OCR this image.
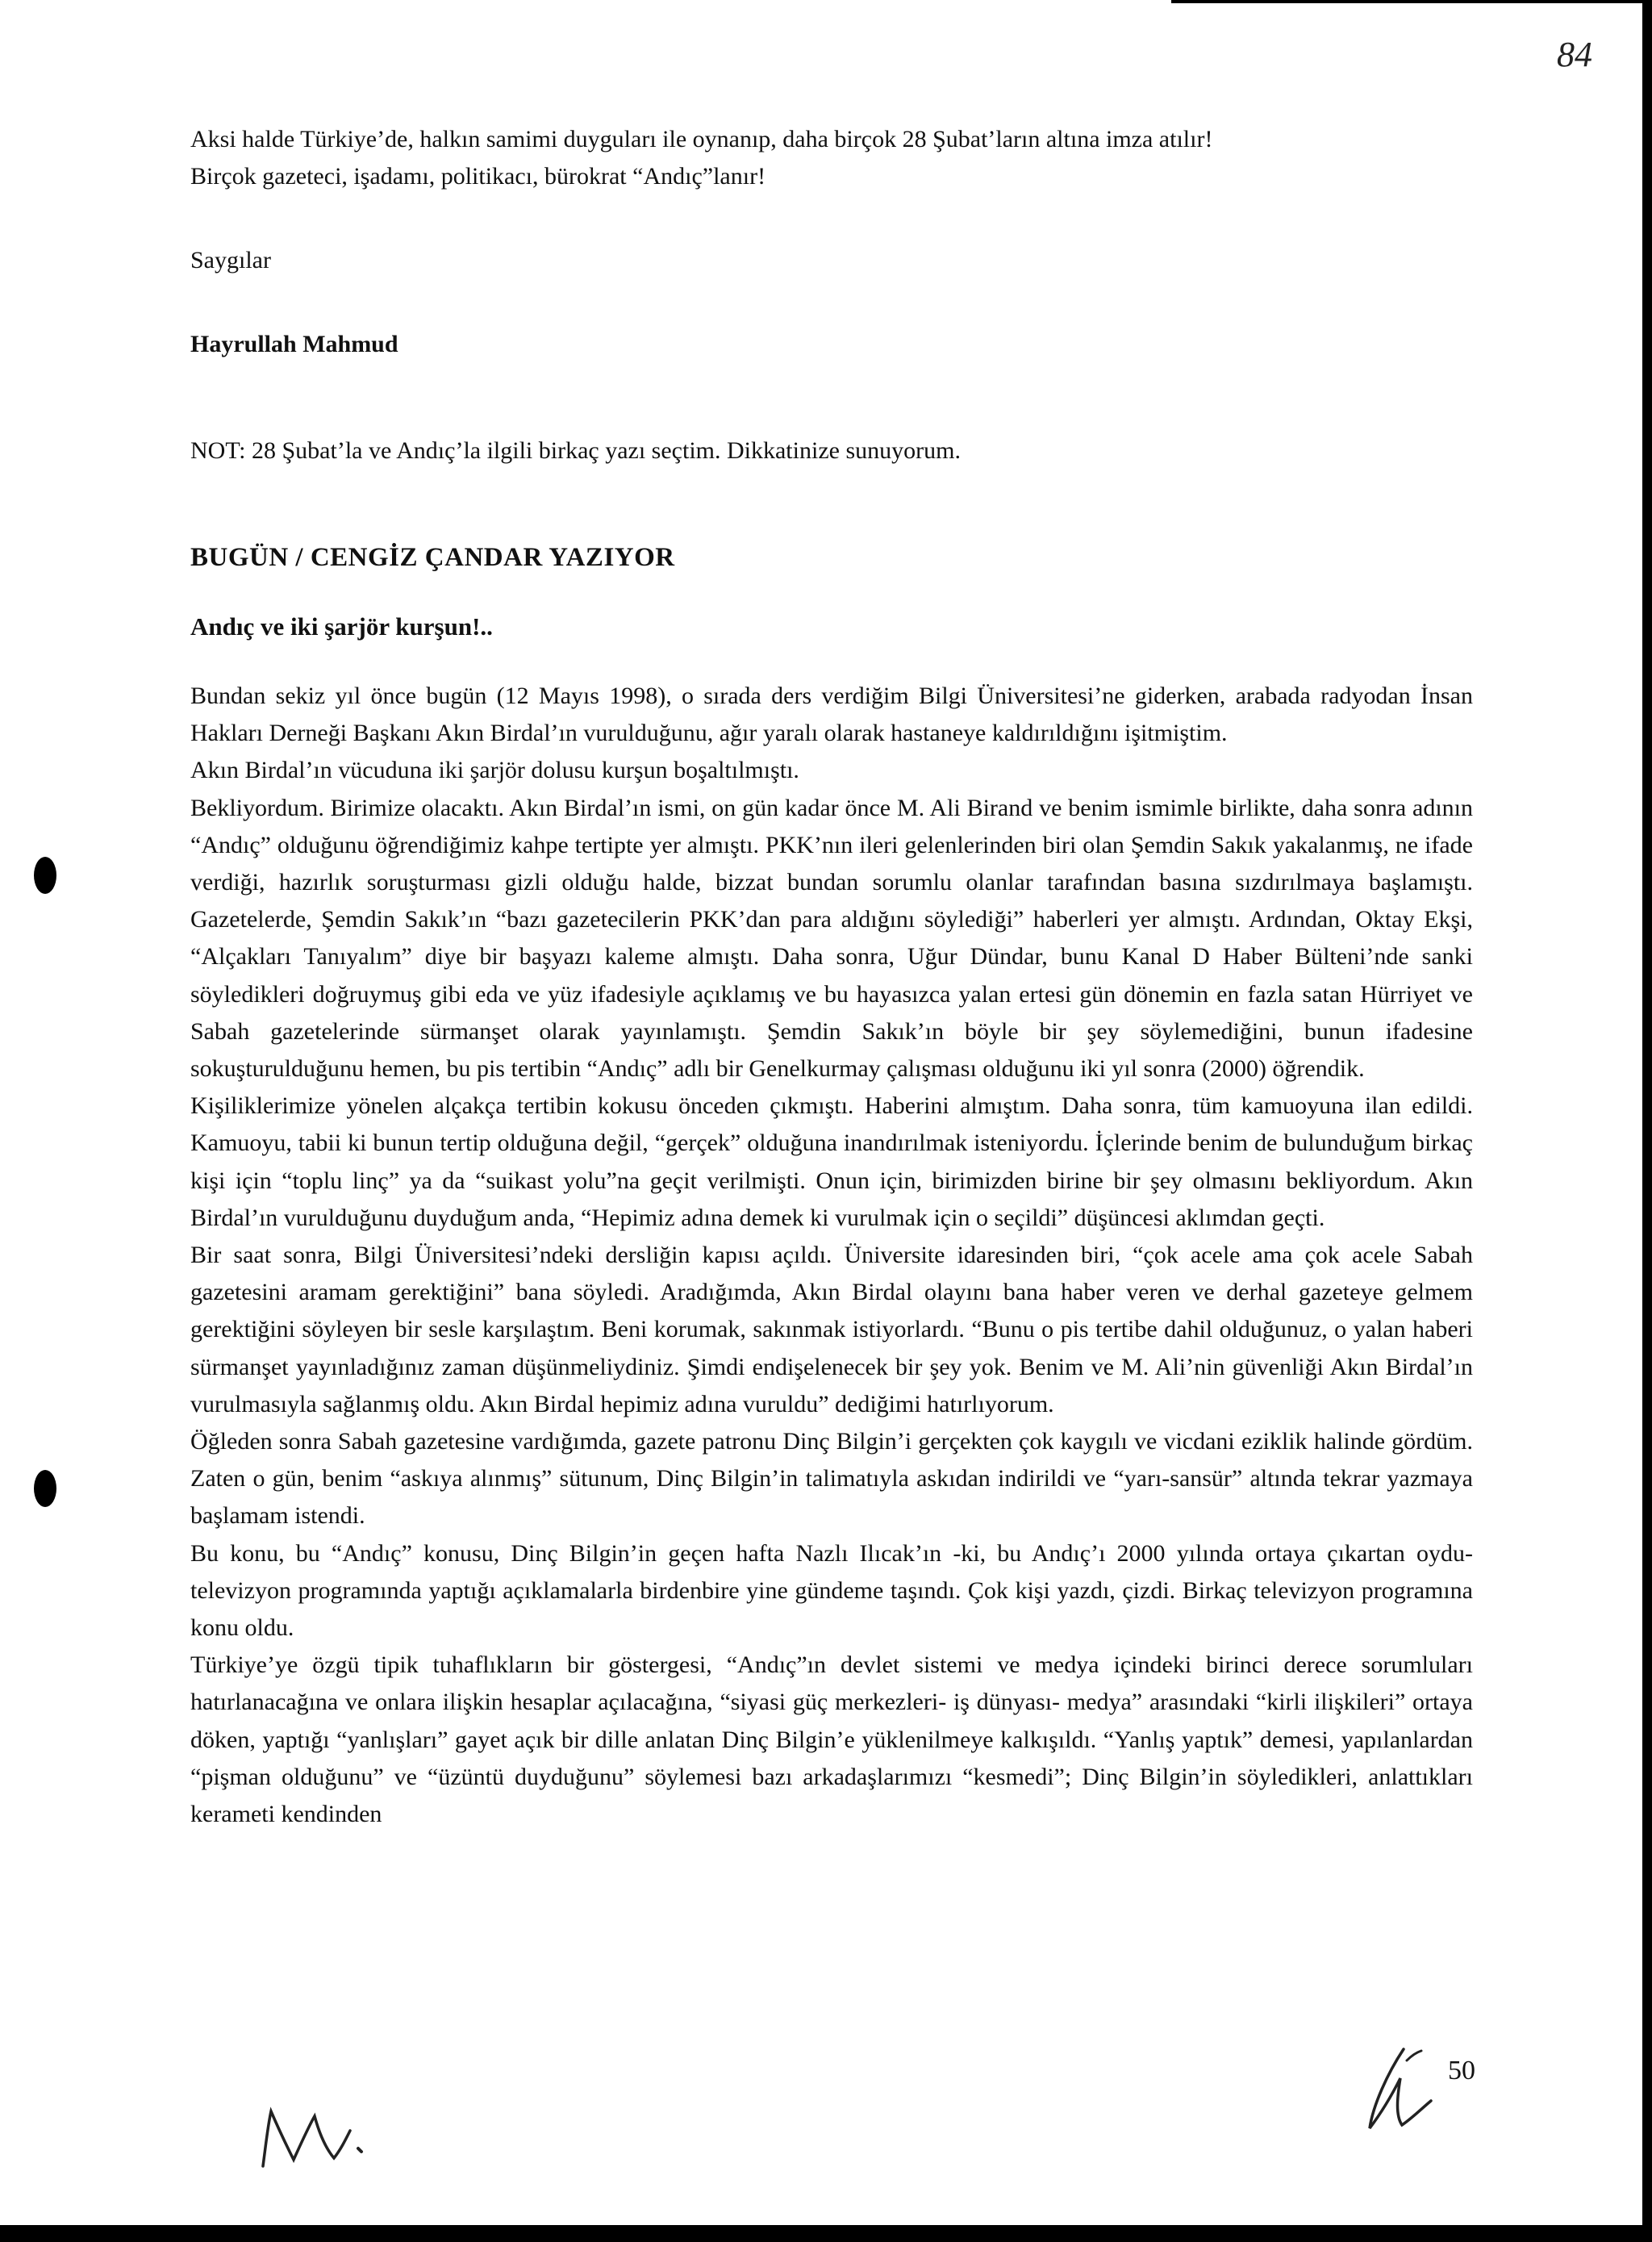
84

Aksi halde Türkiye’de, halkın samimi duyguları ile oynanıp, daha birçok 28 Şubat’ların altına imza atılır!

Birçok gazeteci, işadamı, politikacı, bürokrat “Andıç”lanır!

Saygılar

Hayrullah Mahmud

NOT: 28 Şubat’la ve Andıç’la ilgili birkaç yazı seçtim. Dikkatinize sunuyorum.

BUGÜN / CENGİZ ÇANDAR YAZIYOR

Andıç ve iki şarjör kurşun!..

Bundan sekiz yıl önce bugün (12 Mayıs 1998), o sırada ders verdiğim Bilgi Üniversitesi’ne giderken, arabada radyodan İnsan Hakları Derneği Başkanı Akın Birdal’ın vurulduğunu, ağır yaralı olarak hastaneye kaldırıldığını işitmiştim.

Akın Birdal’ın vücuduna iki şarjör dolusu kurşun boşaltılmıştı.

Bekliyordum. Birimize olacaktı. Akın Birdal’ın ismi, on gün kadar önce M. Ali Birand ve benim ismimle birlikte, daha sonra adının “Andıç” olduğunu öğrendiğimiz kahpe tertipte yer almıştı. PKK’nın ileri gelenlerinden biri olan Şemdin Sakık yakalanmış, ne ifade verdiği, hazırlık soruşturması gizli olduğu halde, bizzat bundan sorumlu olanlar tarafından basına sızdırılmaya başlamıştı. Gazetelerde, Şemdin Sakık’ın “bazı gazetecilerin PKK’dan para aldığını söylediği” haberleri yer almıştı. Ardından, Oktay Ekşi, “Alçakları Tanıyalım” diye bir başyazı kaleme almıştı. Daha sonra, Uğur Dündar, bunu Kanal D Haber Bülteni’nde sanki söyledikleri doğruymuş gibi eda ve yüz ifadesiyle açıklamış ve bu hayasızca yalan ertesi gün dönemin en fazla satan Hürriyet ve Sabah gazetelerinde sürmanşet olarak yayınlamıştı. Şemdin Sakık’ın böyle bir şey söylemediğini, bunun ifadesine sokuşturulduğunu hemen, bu pis tertibin “Andıç” adlı bir Genelkurmay çalışması olduğunu iki yıl sonra (2000) öğrendik.

Kişiliklerimize yönelen alçakça tertibin kokusu önceden çıkmıştı. Haberini almıştım. Daha sonra, tüm kamuoyuna ilan edildi. Kamuoyu, tabii ki bunun tertip olduğuna değil, “gerçek” olduğuna inandırılmak isteniyordu. İçlerinde benim de bulunduğum birkaç kişi için “toplu linç” ya da “suikast yolu”na geçit verilmişti. Onun için, birimizden birine bir şey olmasını bekliyordum. Akın Birdal’ın vurulduğunu duyduğum anda, “Hepimiz adına demek ki vurulmak için o seçildi” düşüncesi aklımdan geçti.

Bir saat sonra, Bilgi Üniversitesi’ndeki dersliğin kapısı açıldı. Üniversite idaresinden biri, “çok acele ama çok acele Sabah gazetesini aramam gerektiğini” bana söyledi. Aradığımda, Akın Birdal olayını bana haber veren ve derhal gazeteye gelmem gerektiğini söyleyen bir sesle karşılaştım. Beni korumak, sakınmak istiyorlardı. “Bunu o pis tertibe dahil olduğunuz, o yalan haberi sürmanşet yayınladığınız zaman düşünmeliydiniz. Şimdi endişelenecek bir şey yok. Benim ve M. Ali’nin güvenliği Akın Birdal’ın vurulmasıyla sağlanmış oldu. Akın Birdal hepimiz adına vuruldu” dediğimi hatırlıyorum.

Öğleden sonra Sabah gazetesine vardığımda, gazete patronu Dinç Bilgin’i gerçekten çok kaygılı ve vicdani eziklik halinde gördüm. Zaten o gün, benim “askıya alınmış” sütunum, Dinç Bilgin’in talimatıyla askıdan indirildi ve “yarı-sansür” altında tekrar yazmaya başlamam istendi.

Bu konu, bu “Andıç” konusu, Dinç Bilgin’in geçen hafta Nazlı Ilıcak’ın -ki, bu Andıç’ı 2000 yılında ortaya çıkartan oydu- televizyon programında yaptığı açıklamalarla birdenbire yine gündeme taşındı. Çok kişi yazdı, çizdi. Birkaç televizyon programına konu oldu.

Türkiye’ye özgü tipik tuhaflıkların bir göstergesi, “Andıç”ın devlet sistemi ve medya içindeki birinci derece sorumluları hatırlanacağına ve onlara ilişkin hesaplar açılacağına, “siyasi güç merkezleri- iş dünyası- medya” arasındaki “kirli ilişkileri” ortaya döken, yaptığı “yanlışları” gayet açık bir dille anlatan Dinç Bilgin’e yüklenilmeye kalkışıldı. “Yanlış yaptık” demesi, yapılanlardan “pişman olduğunu” ve “üzüntü duyduğunu” söylemesi bazı arkadaşlarımızı “kesmedi”; Dinç Bilgin’in söyledikleri, anlattıkları kerameti kendinden

50
